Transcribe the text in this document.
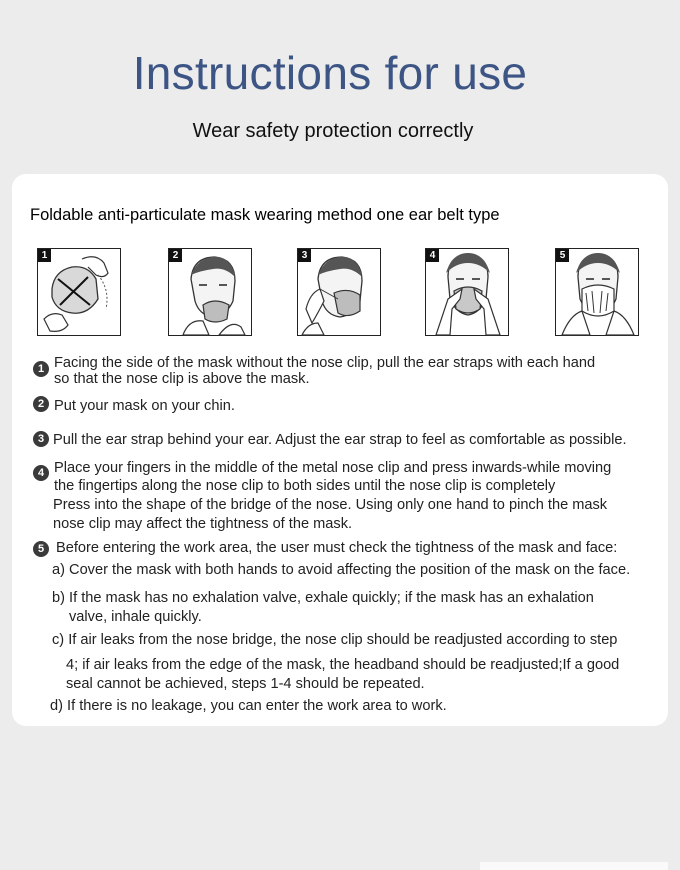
Instructions for use
Wear safety protection correctly
Foldable anti-particulate mask wearing method one ear belt type
1	2	3	4	5
1 Facing the side of the mask without the nose clip, pull the ear straps with each hand
so that the nose clip is above the mask.
2 Put your mask on your chin.
3 Pull the ear strap behind your ear. Adjust the ear strap to feel as comfortable as possible.
4 Place your fingers in the middle of the metal nose clip and press inwards-while moving
the fingertips along the nose clip to both sides until the nose clip is completely
Press into the shape of the bridge of the nose. Using only one hand to pinch the mask
nose clip may affect the tightness of the mask.
5 Before entering the work area, the user must check the tightness of the mask and face:
a) Cover the mask with both hands to avoid affecting the position of the mask on the face.
b) If the mask has no exhalation valve, exhale quickly; if the mask has an exhalation
valve, inhale quickly.
c) If air leaks from the nose bridge, the nose clip should be readjusted according to step
4; if air leaks from the edge of the mask, the headband should be readjusted;If a good
seal cannot be achieved, steps 1-4 should be repeated.
d) If there is no leakage, you can enter the work area to work.
